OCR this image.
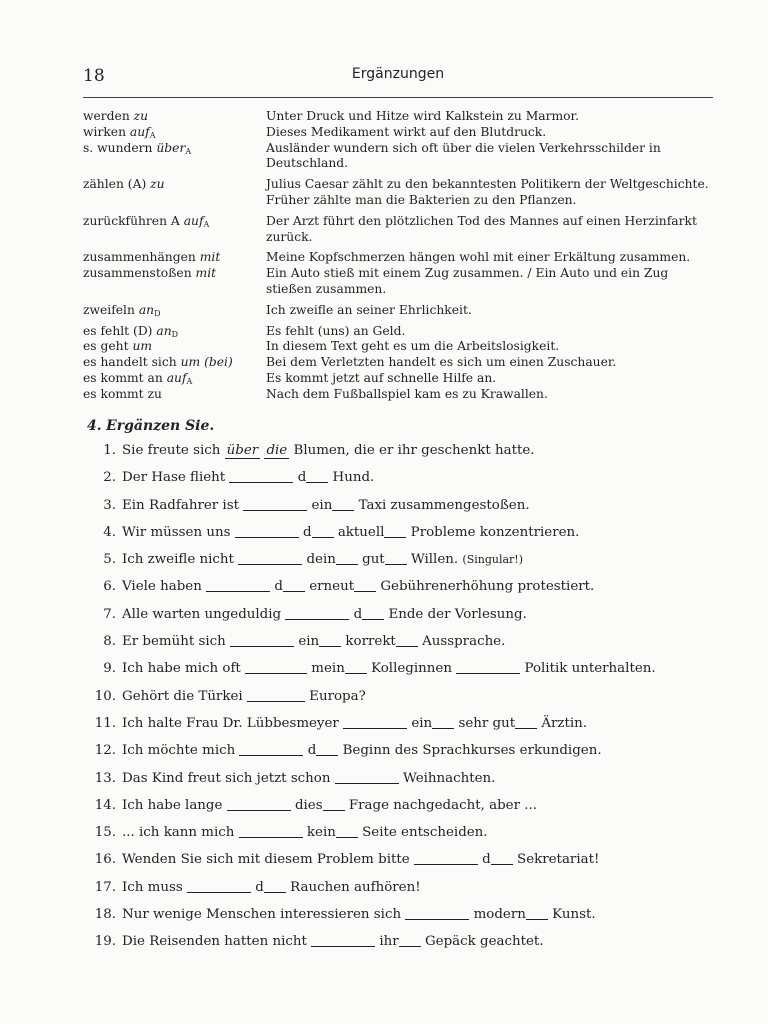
18	Ergänzungen
werden zu	Unter Druck und Hitze wird Kalkstein zu Marmor.
wirken auf$_A$	Dieses Medikament wirkt auf den Blutdruck.
s. wundern über$_A$	Ausländer wundern sich oft über die vielen Verkehrsschilder in
Deutschland.
zählen (A) zu	Julius Caesar zählt zu den bekanntesten Politikern der Weltgeschichte.
Früher zählte man die Bakterien zu den Pflanzen.
zurückführen A auf$_A$	Der Arzt führt den plötzlichen Tod des Mannes auf einen Herzinfarkt
zurück.
zusammenhängen mit	Meine Kopfschmerzen hängen wohl mit einer Erkältung zusammen.
zusammenstoßen mit	Ein Auto stieß mit einem Zug zusammen. / Ein Auto und ein Zug
stießen zusammen.
zweifeln $an_D$	Ich zweifle an seiner Ehrlichkeit.
es fehlt (D) $an_D$	Es fehlt (uns) an Geld.
es geht um	In diesem Text geht es um die Arbeitslosigkeit.
es handelt sich um (bei)	Bei dem Verletzten handelt es sich um einen Zuschauer.
es kommt an auf$_A$	Es kommt jetzt auf schnelle Hilfe an.
es kommt zu	Nach dem Fußballspiel kam es zu Krawallen.
4. Ergänzen Sie.
1. Sie freute sich über die Blumen, die er ihr geschenkt hatte.
2. Der Hase flieht	d Hund.
3. Ein Radfahrer ist	ein Taxi zusammengestoßen.
4. Wir müssen uns	d aktuell Probleme konzentrieren.
5. Ich zweifle nicht	dein gut Willen. (Singular!)
6. Viele haben	d erneut Gebührenerhöhung protestiert.
7. Alle warten ungeduldig	d Ende der Vorlesung.
8. Er bemüht sich	ein korrekt Aussprache.
9. Ich habe mich oft	mein Kolleginnen	Politik unterhalten.
10. Gehört die Türkei	Europa?
11. Ich halte Frau Dr. Lübbesmeyer	ein sehr gut Ärztin.
12. Ich möchte mich	d Beginn des Sprachkurses erkundigen.
13. Das Kind freut sich jetzt schon	Weihnachten.
14. Ich habe lange	dies Frage nachgedacht, aber ...
15. ... ich kann mich	kein Seite entscheiden.
16. Wenden Sie sich mit diesem Problem bitte	d Sekretariat!
17. Ich muss	d Rauchen aufhören!
18. Nur wenige Menschen interessieren sich	modern Kunst.
19. Die Reisenden hatten nicht	ihr Gepäck geachtet.
